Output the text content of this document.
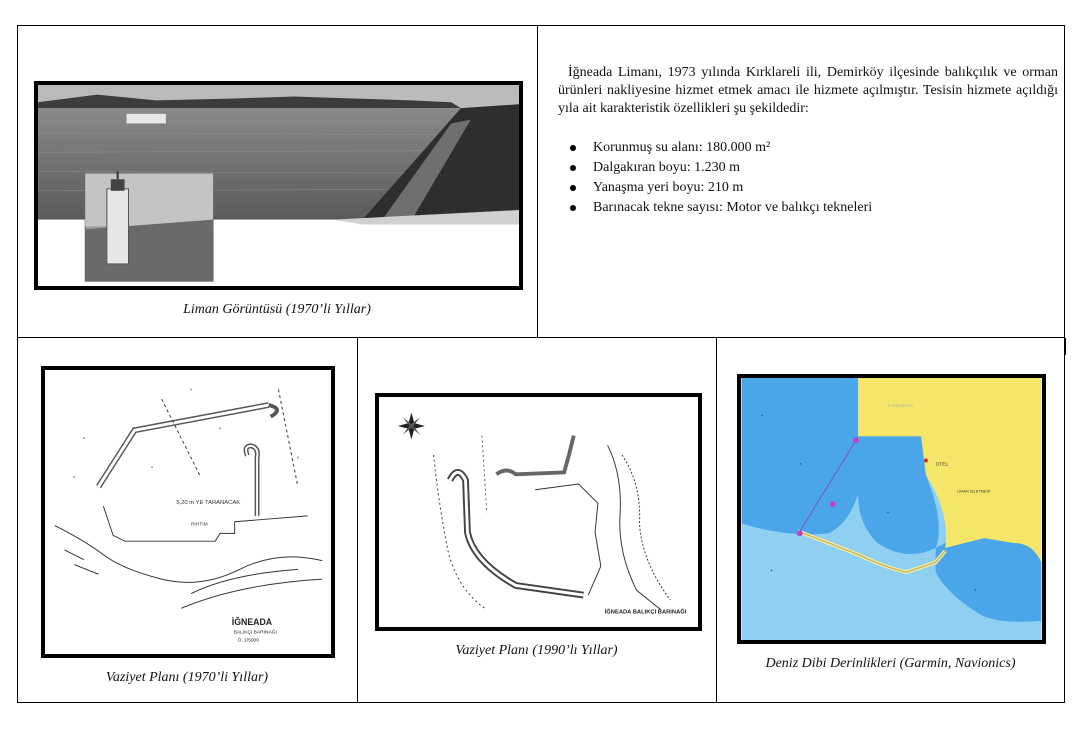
Liman Görüntüsü (1970’li Yıllar)
İğneada Limanı, 1973 yılında Kırklareli ili, Demirköy ilçesinde balıkçılık ve orman ürünleri nakliyesine hizmet etmek amacı ile hizmete açılmıştır. Tesisin hizmete açıldığı yıla ait karakteristik özellikleri şu şekildedir:
Korunmuş su alanı: 180.000 m²
Dalgakıran boyu: 1.230 m
Yanaşma yeri boyu: 210 m
Barınacak tekne sayısı: Motor ve balıkçı tekneleri
5,20 m YE TARANACAK
RIHTIM
İĞNEADA
BALIKÇI BARINAĞI
Ö. 1/5000
Vaziyet Planı (1970’li Yıllar)
İĞNEADA BALIKÇI BARINAĞI
Vaziyet Planı (1990’lı Yıllar)
•
•
•
•
•
OTEL
LİMAN İŞLETMESİ
© Navionics
Deniz Dibi Derinlikleri (Garmin, Navionics)
